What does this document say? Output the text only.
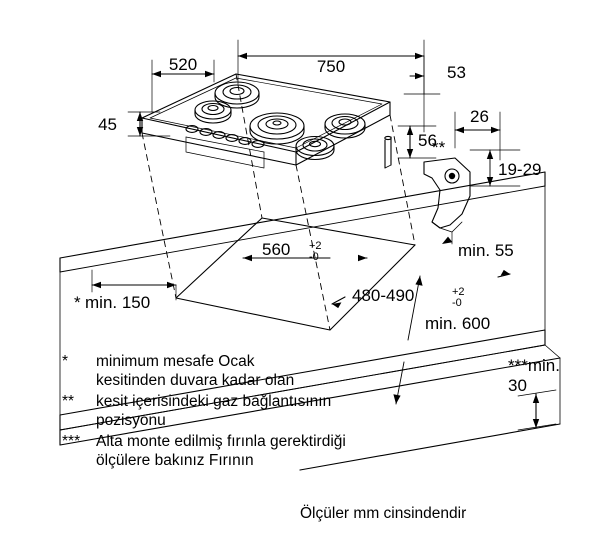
750
520
45
53
56
26
19-29
**
560 +2
-0
480-490	+2
-0
* min. 150
min. 600
min. 55
***min.
30
*	minimum mesafe Ocak
kesitinden duvara kadar olan
**	kesit içerisindeki gaz bağlantısının
pozisyonu
***	Alta monte edilmiş fırınla gerektirdiği
ölçülere bakınız Fırının
Ölçüler mm cinsindendir
